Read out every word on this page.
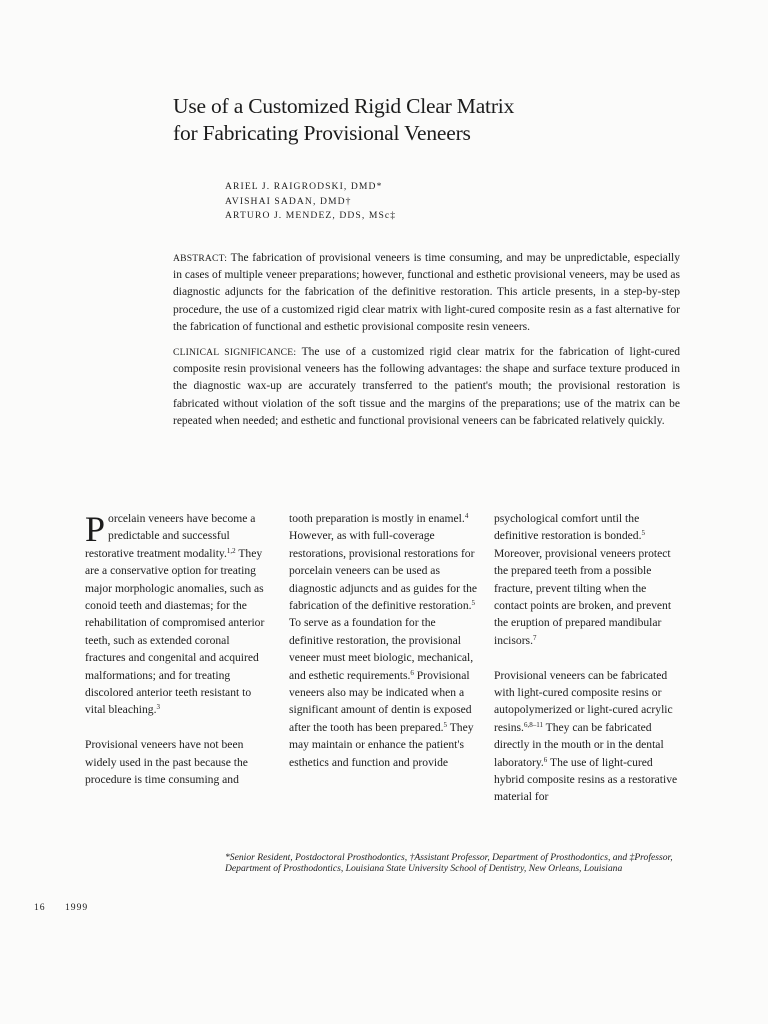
Use of a Customized Rigid Clear Matrix
for Fabricating Provisional Veneers
ARIEL J. RAIGRODSKI, DMD*
AVISHAI SADAN, DMD†
ARTURO J. MENDEZ, DDS, MSc‡

ABSTRACT: The fabrication of provisional veneers is time consuming, and may be unpredictable, especially in cases of multiple veneer preparations; however, functional and esthetic provisional veneers, may be used as diagnostic adjuncts for the fabrication of the definitive restoration. This article presents, in a step-by-step procedure, the use of a customized rigid clear matrix with light-cured composite resin as a fast alternative for the fabrication of functional and esthetic provisional composite resin veneers.

CLINICAL SIGNIFICANCE: The use of a customized rigid clear matrix for the fabrication of light-cured composite resin provisional veneers has the following advantages: the shape and surface texture produced in the diagnostic wax-up are accurately transferred to the patient's mouth; the provisional restoration is fabricated without violation of the soft tissue and the margins of the preparations; use of the matrix can be repeated when needed; and esthetic and functional provisional veneers can be fabricated relatively quickly.

Porcelain veneers have become a predictable and successful restorative treatment modality.$^{1,2}$ They are a conservative option for treating major morphologic anomalies, such as conoid teeth and diastemas; for the rehabilitation of compromised anterior teeth, such as extended coronal fractures and congenital and acquired malformations; and for treating discolored anterior teeth resistant to vital bleaching.$^3$

Provisional veneers have not been widely used in the past because the procedure is time consuming and

tooth preparation is mostly in enamel.$^4$ However, as with full-coverage restorations, provisional restorations for porcelain veneers can be used as diagnostic adjuncts and as guides for the fabrication of the definitive restoration.$^5$ To serve as a foundation for the definitive restoration, the provisional veneer must meet biologic, mechanical, and esthetic requirements.$^6$ Provisional veneers also may be indicated when a significant amount of dentin is exposed after the tooth has been prepared.$^5$ They may maintain or enhance the patient's esthetics and function and provide

psychological comfort until the definitive restoration is bonded.$^5$ Moreover, provisional veneers protect the prepared teeth from a possible fracture, prevent tilting when the contact points are broken, and prevent the eruption of prepared mandibular incisors.$^7$

Provisional veneers can be fabricated with light-cured composite resins or autopolymerized or light-cured acrylic resins.$^{6,8-11}$ They can be fabricated directly in the mouth or in the dental laboratory.$^6$ The use of light-cured hybrid composite resins as a restorative material for

*Senior Resident, Postdoctoral Prosthodontics, †Assistant Professor, Department of Prosthodontics, and ‡Professor, Department of Prosthodontics, Louisiana State University School of Dentistry, New Orleans, Louisiana
16 1999
